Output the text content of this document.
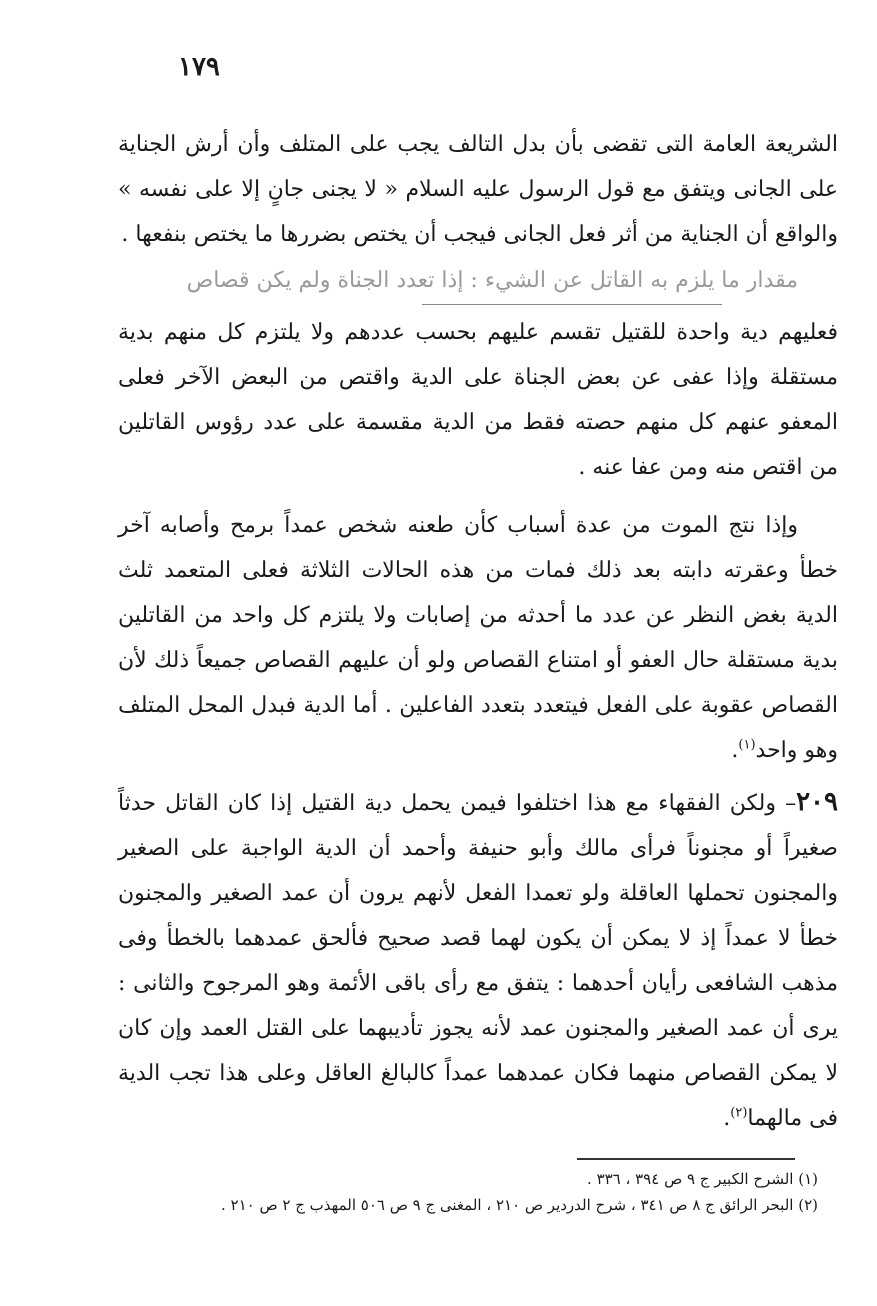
١٧٩

الشريعة العامة التى تقضى بأن بدل التالف يجب على المتلف وأن أرش الجناية على الجانى ويتفق مع قول الرسول عليه السلام « لا يجنى جانٍ إلا على نفسه » والواقع أن الجناية من أثر فعل الجانى فيجب أن يختص بضررها ما يختص بنفعها .

مقدار ما يلزم به القاتل عن الشيء : إذا تعدد الجناة ولم يكن قصاص

فعليهم دية واحدة للقتيل تقسم عليهم بحسب عددهم ولا يلتزم كل منهم بدية مستقلة وإذا عفى عن بعض الجناة على الدية واقتص من البعض الآخر فعلى المعفو عنهم كل منهم حصته فقط من الدية مقسمة على عدد رؤوس القاتلين من اقتص منه ومن عفا عنه .

وإذا نتج الموت من عدة أسباب كأن طعنه شخص عمداً برمح وأصابه آخر خطأ وعقرته دابته بعد ذلك فمات من هذه الحالات الثلاثة فعلى المتعمد ثلث الدية بغض النظر عن عدد ما أحدثه من إصابات ولا يلتزم كل واحد من القاتلين بدية مستقلة حال العفو أو امتناع القصاص ولو أن عليهم القصاص جميعاً ذلك لأن القصاص عقوبة على الفعل فيتعدد بتعدد الفاعلين . أما الدية فبدل المحل المتلف وهو واحد$^{(١)}$.

٢٠٩– ولكن الفقهاء مع هذا اختلفوا فيمن يحمل دية القتيل إذا كان القاتل حدثاً صغيراً أو مجنوناً فرأى مالك وأبو حنيفة وأحمد أن الدية الواجبة على الصغير والمجنون تحملها العاقلة ولو تعمدا الفعل لأنهم يرون أن عمد الصغير والمجنون خطأ لا عمداً إذ لا يمكن أن يكون لهما قصد صحيح فألحق عمدهما بالخطأ وفى مذهب الشافعى رأيان أحدهما : يتفق مع رأى باقى الأئمة وهو المرجوح والثانى : يرى أن عمد الصغير والمجنون عمد لأنه يجوز تأديبهما على القتل العمد وإن كان لا يمكن القصاص منهما فكان عمدهما عمداً كالبالغ العاقل وعلى هذا تجب الدية فى مالهما$^{(٢)}$.

(١) الشرح الكبير ج ٩ ص ٣٩٤ ، ٣٣٦ .

(٢) البحر الرائق ج ٨ ص ٣٤١ ، شرح الدردير ص ٢١٠ ، المغنى ج ٩ ص ٥٠٦ المهذب ج ٢ ص ٢١٠ .
